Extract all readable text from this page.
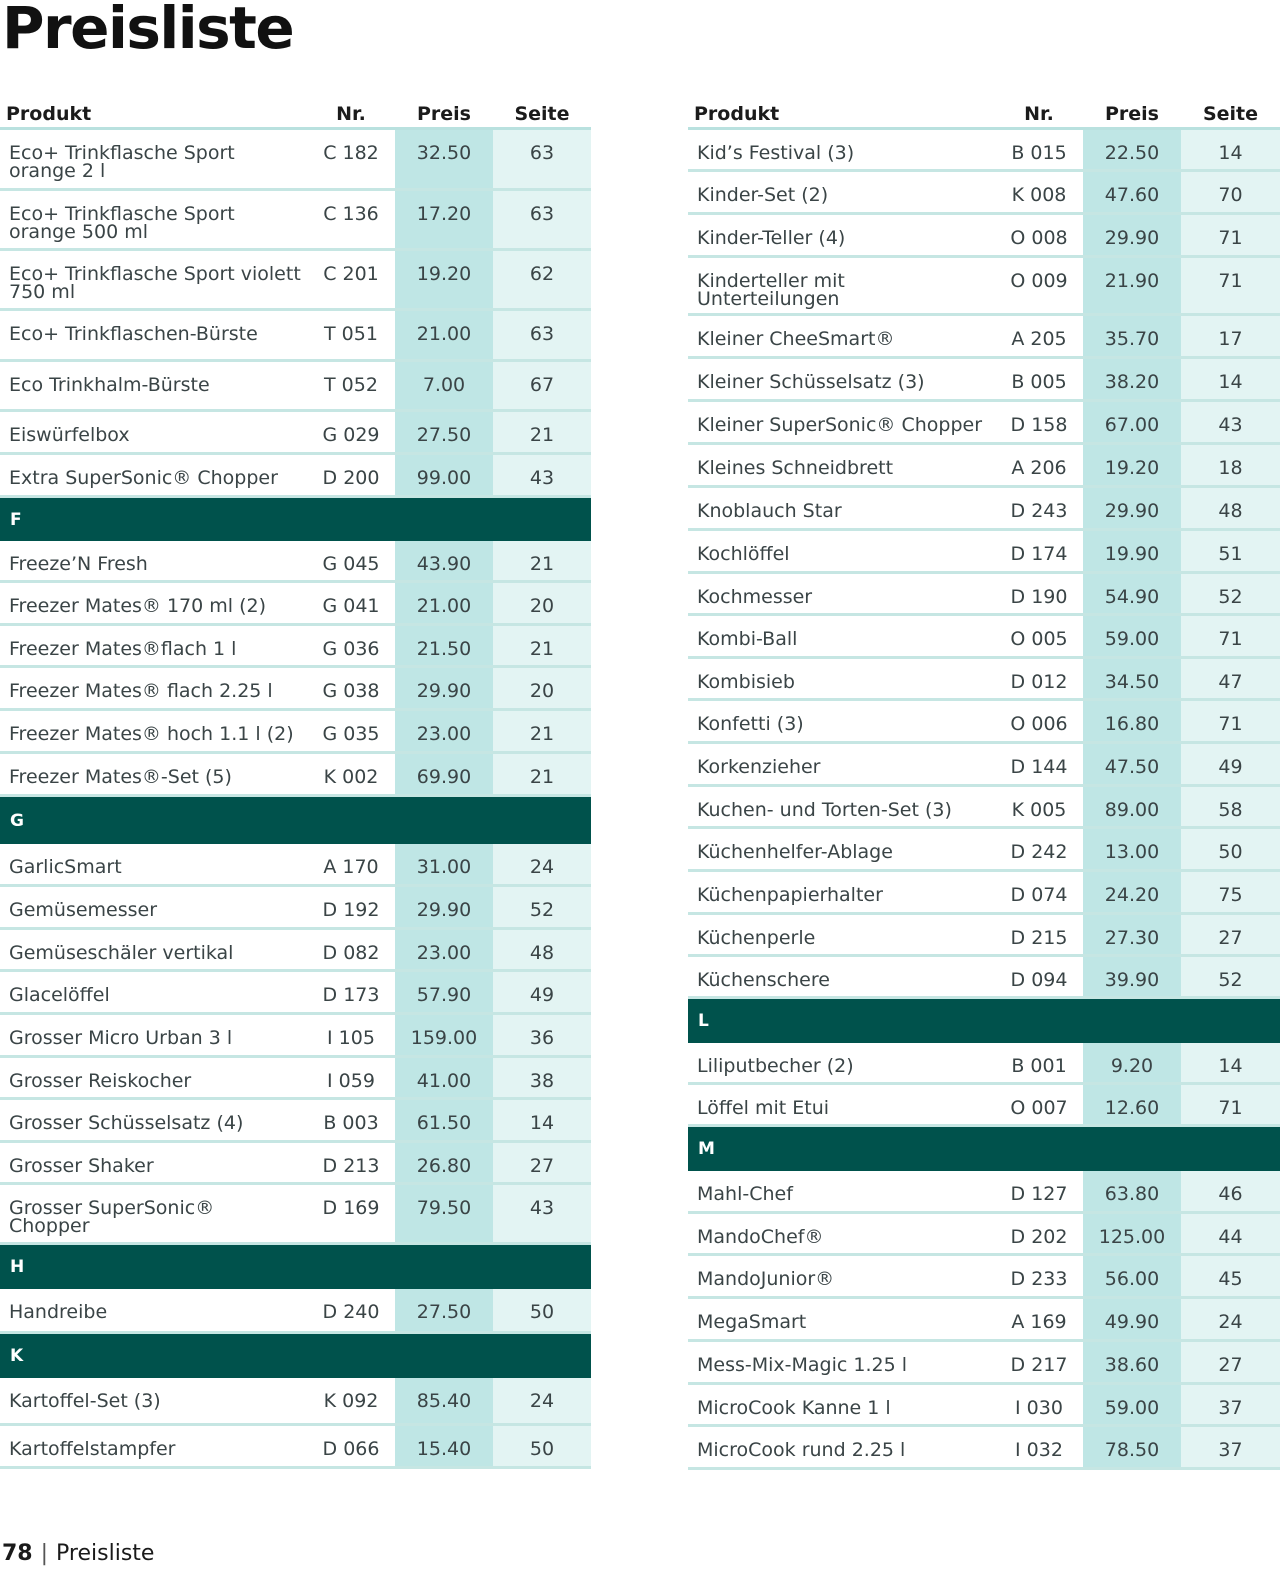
Preisliste
Produkt	Nr.	Preis	Seite
Eco+ Trinkflasche Sport
orange 2 l
C 182	32.50	63
Eco+ Trinkflasche Sport
orange 500 ml
C 136	17.20	63
Eco+ Trinkflasche Sport violett
750 ml
C 201	19.20	62
Eco+ Trinkflaschen-Bürste	T 051	21.00	63
Eco Trinkhalm-Bürste	T 052	7.00	67
Eiswürfelbox	G 029	27.50	21
Extra SuperSonic® Chopper	D 200	99.00	43
F
Freeze’N Fresh	G 045	43.90	21
Freezer Mates® 170 ml (2)	G 041	21.00	20
Freezer Mates®flach 1 l	G 036	21.50	21
Freezer Mates® flach 2.25 l	G 038	29.90	20
Freezer Mates® hoch 1.1 l (2)	G 035	23.00	21
Freezer Mates®-Set (5)	K 002	69.90	21
G
GarlicSmart	A 170	31.00	24
Gemüsemesser	D 192	29.90	52
Gemüseschäler vertikal	D 082	23.00	48
Glacelöffel	D 173	57.90	49
Grosser Micro Urban 3 l	I 105	159.00	36
Grosser Reiskocher	I 059	41.00	38
Grosser Schüsselsatz (4)	B 003	61.50	14
Grosser Shaker	D 213	26.80	27
Grosser SuperSonic®
Chopper
D 169	79.50	43
H
Handreibe	D 240	27.50	50
K
Kartoffel-Set (3)	K 092	85.40	24
Kartoffelstampfer	D 066	15.40	50
Produkt	Nr.	Preis	Seite
Kid’s Festival (3)	B 015	22.50	14
Kinder-Set (2)	K 008	47.60	70
Kinder-Teller (4)	O 008	29.90	71
Kinderteller mit
Unterteilungen
O 009	21.90	71
Kleiner CheeSmart®	A 205	35.70	17
Kleiner Schüsselsatz (3)	B 005	38.20	14
Kleiner SuperSonic® Chopper	D 158	67.00	43
Kleines Schneidbrett	A 206	19.20	18
Knoblauch Star	D 243	29.90	48
Kochlöffel	D 174	19.90	51
Kochmesser	D 190	54.90	52
Kombi-Ball	O 005	59.00	71
Kombisieb	D 012	34.50	47
Konfetti (3)	O 006	16.80	71
Korkenzieher	D 144	47.50	49
Kuchen- und Torten-Set (3)	K 005	89.00	58
Küchenhelfer-Ablage	D 242	13.00	50
Küchenpapierhalter	D 074	24.20	75
Küchenperle	D 215	27.30	27
Küchenschere	D 094	39.90	52
L
Liliputbecher (2)	B 001	9.20	14
Löffel mit Etui	O 007	12.60	71
M
Mahl-Chef	D 127	63.80	46
MandoChef®	D 202	125.00	44
MandoJunior®	D 233	56.00	45
MegaSmart	A 169	49.90	24
Mess-Mix-Magic 1.25 l	D 217	38.60	27
MicroCook Kanne 1 l	I 030	59.00	37
MicroCook rund 2.25 l	I 032	78.50	37
78 | Preisliste
